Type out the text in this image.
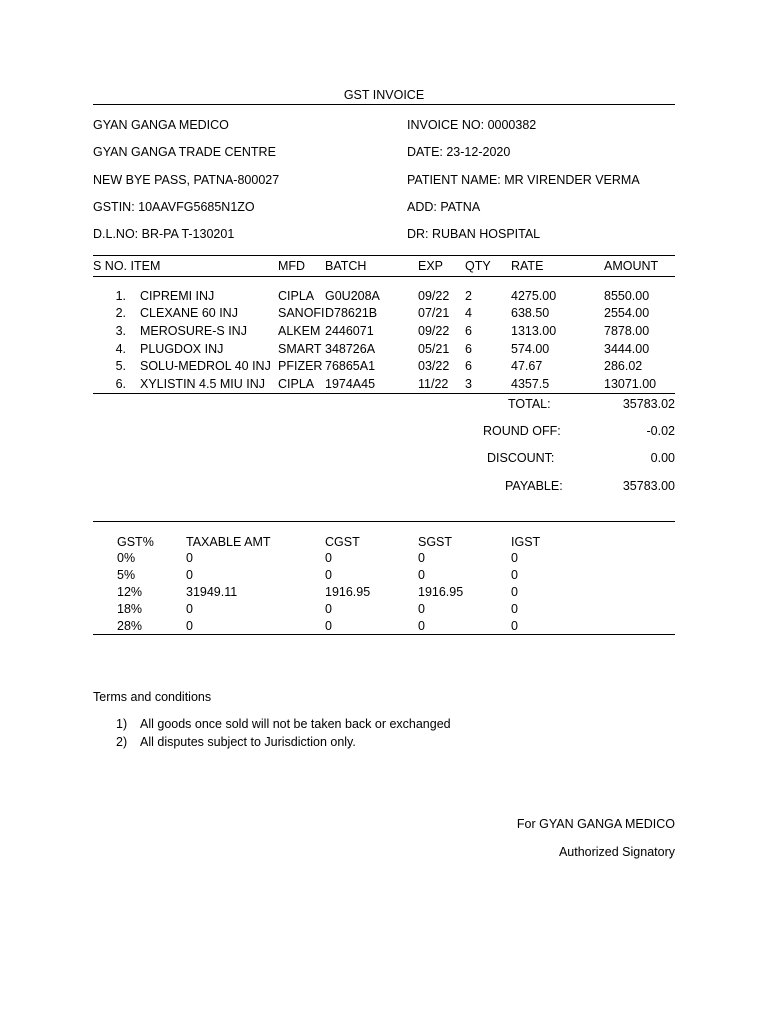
GST INVOICE
GYAN GANGA MEDICO
GYAN GANGA TRADE CENTRE
NEW BYE PASS, PATNA-800027
GSTIN: 10AAVFG5685N1ZO
D.L.NO: BR-PA T-130201
INVOICE NO: 0000382
DATE: 23-12-2020
PATIENT NAME: MR VIRENDER VERMA
ADD: PATNA
DR: RUBAN HOSPITAL
S NO. ITEM	MFD BATCH	EXP QTY RATE	AMOUNT
1. CIPREMI INJ	CIPLA G0U208A	09/22 2	4275.00	8550.00
2. CLEXANE 60 INJ	SANOFI D78621B	07/21 4	638.50	2554.00
3. MEROSURE-S INJ ALKEM 2446071	09/22 6	1313.00	7878.00
4. PLUGDOX INJ	SMART 348726A	05/21 6	574.00	3444.00
5. SOLU-MEDROL 40 INJ PFIZER 76865A1	03/22 6	47.67	286.02
6. XYLISTIN 4.5 MIU INJ CIPLA 1974A45	11/22 3	4357.5	13071.00
TOTAL:	35783.02
ROUND OFF:	-0.02
DISCOUNT:	0.00
PAYABLE:	35783.00
GST%	TAXABLE AMT	CGST	SGST	IGST
0%	0	0	0	0
5%	0	0	0	0
12%	31949.11	1916.95	1916.95	0
18%	0	0	0	0
28%	0	0	0	0
Terms and conditions
1) All goods once sold will not be taken back or exchanged
2) All disputes subject to Jurisdiction only.
For GYAN GANGA MEDICO
Authorized Signatory
